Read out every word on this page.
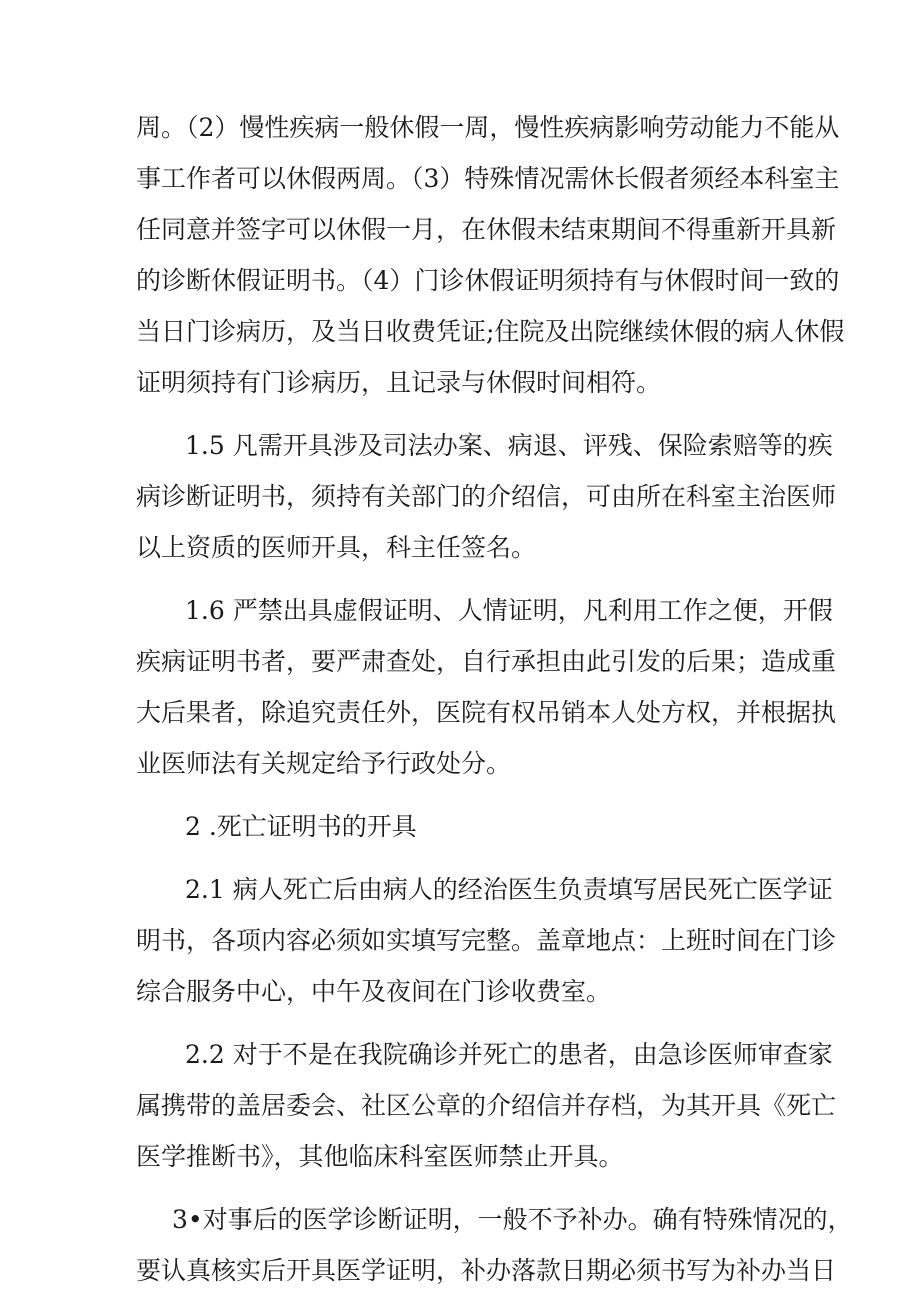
周。（2）慢性疾病一般休假一周，慢性疾病影响劳动能力不能从
事工作者可以休假两周。（3）特殊情况需休长假者须经本科室主
任同意并签字可以休假一月，在休假未结束期间不得重新开具新
的诊断休假证明书。（4）门诊休假证明须持有与休假时间一致的
当日门诊病历，及当日收费凭证;住院及出院继续休假的病人休假
证明须持有门诊病历，且记录与休假时间相符。
1.5 凡需开具涉及司法办案、病退、评残、保险索赔等的疾
病诊断证明书，须持有关部门的介绍信，可由所在科室主治医师
以上资质的医师开具，科主任签名。
1.6 严禁出具虚假证明、人情证明，凡利用工作之便，开假
疾病证明书者，要严肃查处，自行承担由此引发的后果；造成重
大后果者，除追究责任外，医院有权吊销本人处方权，并根据执
业医师法有关规定给予行政处分。
2 .死亡证明书的开具
2.1 病人死亡后由病人的经治医生负责填写居民死亡医学证
明书，各项内容必须如实填写完整。盖章地点：上班时间在门诊
综合服务中心，中午及夜间在门诊收费室。
2.2 对于不是在我院确诊并死亡的患者，由急诊医师审查家
属携带的盖居委会、社区公章的介绍信并存档，为其开具《死亡
医学推断书》，其他临床科室医师禁止开具。
3•对事后的医学诊断证明，一般不予补办。确有特殊情况的，
要认真核实后开具医学证明，补办落款日期必须书写为补办当日
